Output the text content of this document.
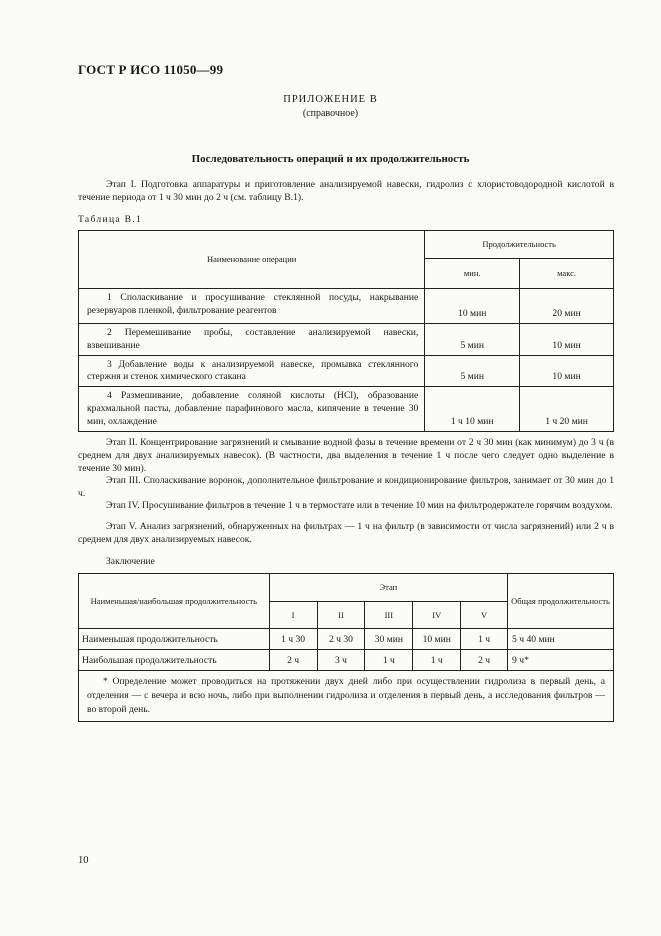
ГОСТ Р ИСО 11050—99
ПРИЛОЖЕНИЕ В
(справочное)
Последовательность операций и их продолжительность

Этап I. Подготовка аппаратуры и приготовление анализируемой навески, гидролиз с хлористоводородной кислотой в течение периода от 1 ч 30 мин до 2 ч (см. таблицу В.1).

Таблица В.1
Наименование операции	Продолжительность	
	мин.	макс.

1 Споласкивание и просушивание стеклянной посуды, накрывание резервуаров пленкой, фильтрование реагентов	10 мин	20 мин

2 Перемешивание пробы, составление анализируемой навески, взвешивание	5 мин	10 мин

3 Добавление воды к анализируемой навеске, промывка стеклянного стержня и стенок химического стакана	5 мин	10 мин

4 Размешивание, добавление соляной кислоты (HCl), образование крахмальной пасты, добавление парафинового масла, кипячение в течение 30 мин, охлаждение	1 ч 10 мин	1 ч 20 мин

Этап II. Концентрирование загрязнений и смывание водной фазы в течение времени от 2 ч 30 мин (как минимум) до 3 ч (в среднем для двух анализируемых навесок). (В частности, два выделения в течение 1 ч после чего следует одно выделение в течение 30 мин).

Этап III. Споласкивание воронок, дополнительное фильтрование и кондиционирование фильтров, занимает от 30 мин до 1 ч.

Этап IV. Просушивание фильтров в течение 1 ч в термостате или в течение 10 мин на фильтродержателе горячим воздухом.

Этап V. Анализ загрязнений, обнаруженных на фильтрах — 1 ч на фильтр (в зависимости от числа загрязнений) или 2 ч в среднем для двух анализируемых навесок.

Заключение
Наименьшая/наибольшая продолжительность	Этап					Общая продолжительность
	I	II	III	IV	V	
Наименьшая продолжительность	1 ч 30	2 ч 30	30 мин	10 мин	1 ч	5 ч 40 мин
Наибольшая продолжительность	2 ч	3 ч	1 ч	1 ч	2 ч	9 ч*

* Определение может проводиться на протяжении двух дней либо при осуществлении гидролиза в первый день, а отделения — с вечера и всю ночь, либо при выполнении гидролиза и отделения в первый день, а исследования фильтров — во второй день.						
10
